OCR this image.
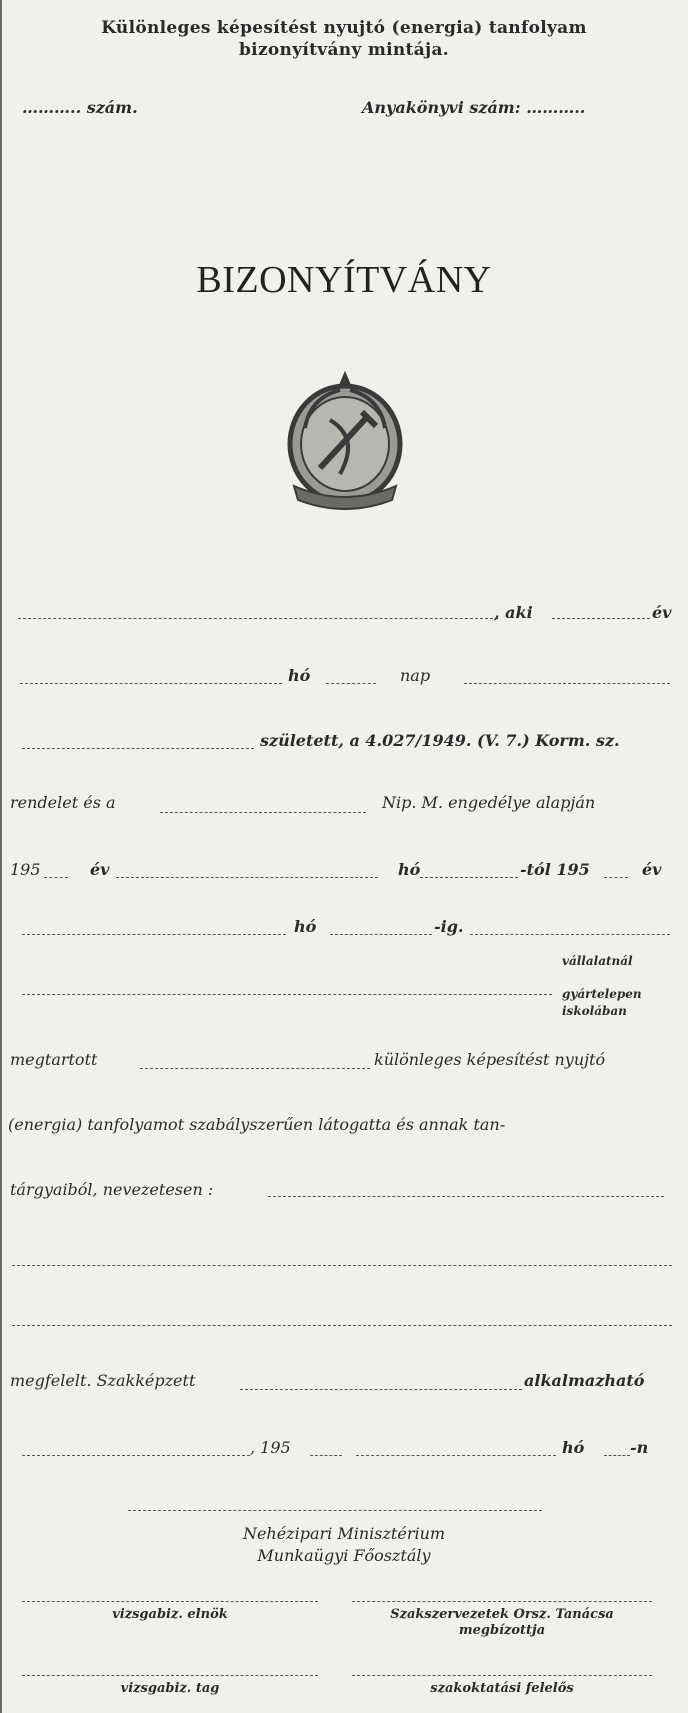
Különleges képesítést nyujtó (energia) tanfolyam
bizonyítvány mintája.
……….. szám.	Anyakönyvi szám: ………..
BIZONYÍTVÁNY
, aki	év
hó	nap
született, a 4.027/1949. (V. 7.) Korm. sz.
rendelet és a	Nip. M. engedélye alapján
195	év	hó	-tól 195	év
hó	-ig.
vállalatnál
gyártelepen
iskolában
megtartott	különleges képesítést nyujtó
(energia) tanfolyamot szabályszerűen látogatta és annak tan-
tárgyaiból, nevezetesen :
megfelelt. Szakképzett	alkalmazható
, 195	hó	-n
Nehézipari Minisztérium
Munkaügyi Főosztály
vizsgabiz. elnök	Szakszervezetek Orsz. Tanácsa
megbízottja
vizsgabiz. tag	szakoktatási felelős
